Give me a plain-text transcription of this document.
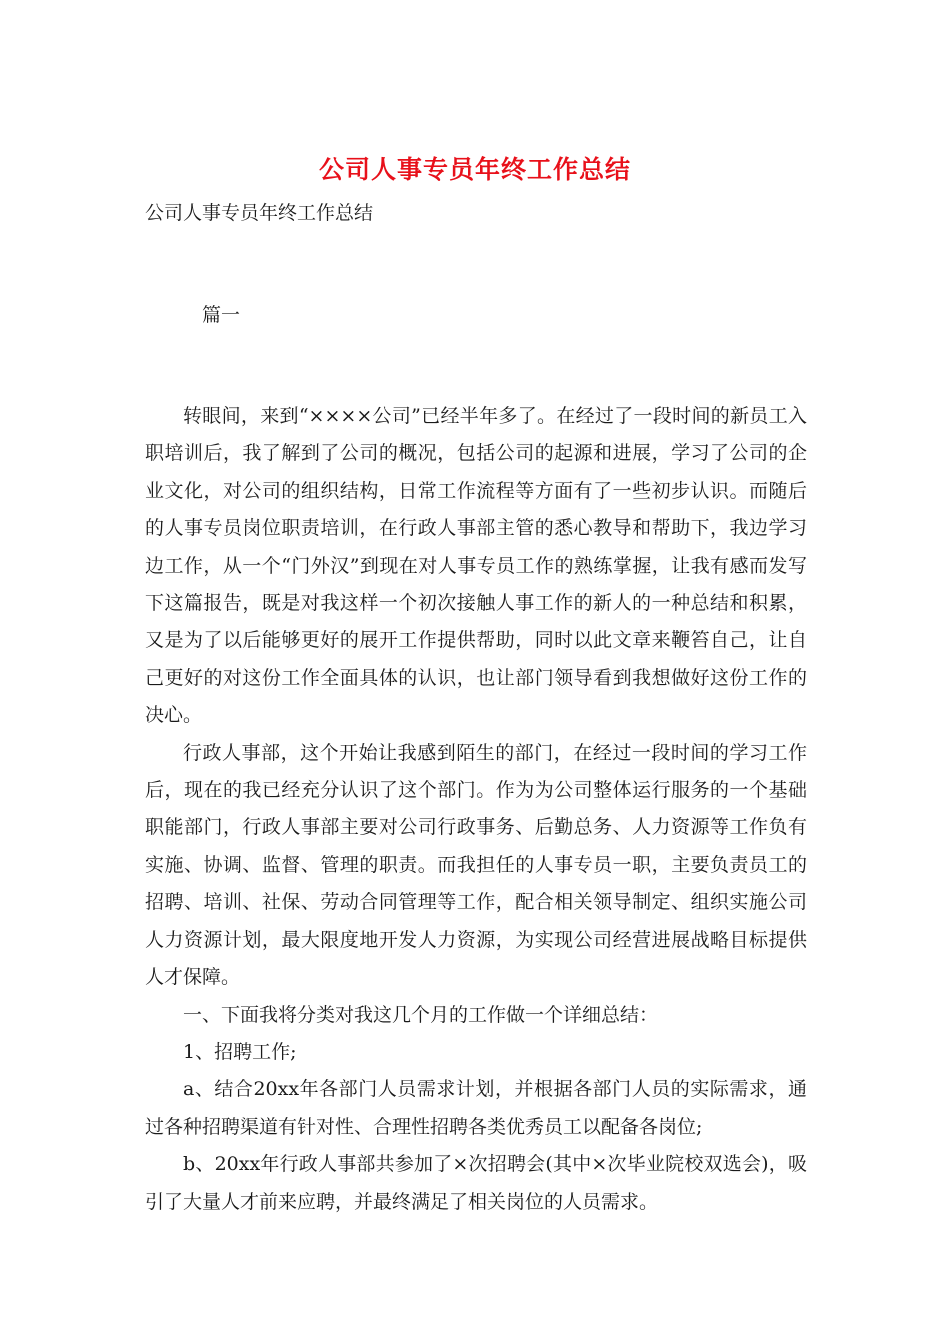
公司人事专员年终工作总结
公司人事专员年终工作总结
篇一

转眼间，来到“××××公司”已经半年多了。在经过了一段时间的新员工入职培训后，我了解到了公司的概况，包括公司的起源和进展，学习了公司的企业文化，对公司的组织结构，日常工作流程等方面有了一些初步认识。而随后的人事专员岗位职责培训，在行政人事部主管的悉心教导和帮助下，我边学习边工作，从一个“门外汉”到现在对人事专员工作的熟练掌握，让我有感而发写下这篇报告，既是对我这样一个初次接触人事工作的新人的一种总结和积累，又是为了以后能够更好的展开工作提供帮助，同时以此文章来鞭笞自己，让自己更好的对这份工作全面具体的认识，也让部门领导看到我想做好这份工作的决心。

行政人事部，这个开始让我感到陌生的部门，在经过一段时间的学习工作后，现在的我已经充分认识了这个部门。作为为公司整体运行服务的一个基础职能部门，行政人事部主要对公司行政事务、后勤总务、人力资源等工作负有实施、协调、监督、管理的职责。而我担任的人事专员一职，主要负责员工的招聘、培训、社保、劳动合同管理等工作，配合相关领导制定、组织实施公司人力资源计划，最大限度地开发人力资源，为实现公司经营进展战略目标提供人才保障。

一、下面我将分类对我这几个月的工作做一个详细总结：

1、招聘工作;

a、结合20xx年各部门人员需求计划，并根据各部门人员的实际需求，通过各种招聘渠道有针对性、合理性招聘各类优秀员工以配备各岗位;

b、20xx年行政人事部共参加了×次招聘会(其中×次毕业院校双选会)，吸引了大量人才前来应聘，并最终满足了相关岗位的人员需求。
